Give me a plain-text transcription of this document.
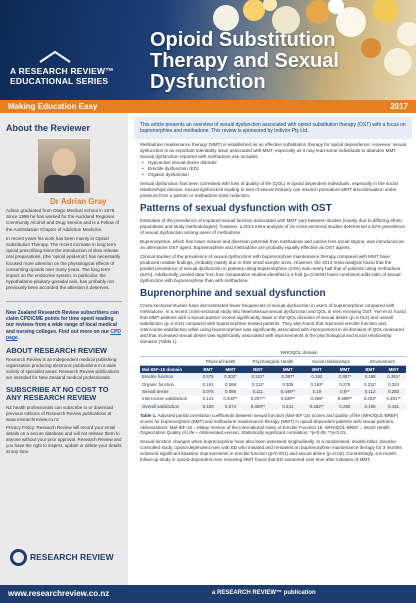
Opioid Substitution Therapy and Sexual Dysfunction
A RESEARCH REVIEW™
EDUCATIONAL SERIES
Making Education Easy	2017
About the Reviewer
Dr Adrian Gray
Adrian graduated from Otago Medical School in 1975. Since 1999 he has worked for the Auckland Regional Community Alcohol and Drug Service and is a Fellow of the Australasian Chapter of Addiction Medicine.
In recent years his work has been mainly in Opioid Substitution Therapy. The recent increase in long term opioid prescribing since the introduction of slow release oral preparations, (the 'opioid epidemic') has necessarily focused more attention on the physiological effects of consuming opioids over many years. The long term impact on the endocrine system, in particular, the hypothalamo-pituitary-gonadal axis, has probably not previously been accorded the attention it deserves.
New Zealand Research Review subscribers can claim CPD/CME points for time spent reading our reviews from a wide range of local medical and nursing colleges. Find out more on our CPD page.
ABOUT RESEARCH REVIEW
Research Review is an independent medical publishing organisation producing electronic publications in a wide variety of specialist areas. Research Review publications are intended for New Zealand medical professionals.
SUBSCRIBE AT NO COST TO ANY RESEARCH REVIEW
NZ health professionals can subscribe to or download previous editions of Research Review publications at www.researchreview.co.nz
Privacy Policy: Research Review will record your email details on a secure database and will not release them to anyone without your prior approval. Research Review and you have the right to inspect, update or delete your details at any time.
RESEARCH REVIEW
This article presents an overview of sexual dysfunction associated with opioid substitution therapy (OST) with a focus on buprenorphine and methadone. This review is sponsored by Indivior Pty Ltd.
Methadone maintenance therapy (MMT) is established as an effective substitution therapy for opioid dependence. However, sexual dysfunction is an important tolerability issue associated with MMT, especially as it may lead some individuals to abandon MMT. Sexual dysfunction reported with methadone use includes:
• Hypoactive sexual desire disorder.
• Erectile dysfunction (ED).
• Orgasm dysfunction.
Sexual dysfunction has been correlated with loss of quality of life (QOL) in opioid dependent individuals, especially in the social relationships domain. Sexual dysfunction leading to loss of sexual intimacy can result in premature MMT discontinuation under pressure from a partner or methadone dose reduction.
Patterns of sexual dysfunction with OST
Estimates of the prevalence of impaired sexual function associated with MMT vary between studies (mainly due to differing ethnic populations and study methodologies); however, a 2014 meta-analysis of 16 cross-sectional studies determined a 52% prevalence of sexual dysfunction among users of methadone.
Buprenorphine, which has lower misuse and diversion potential than methadone and carries less social stigma, was introduced as an alternative OST agent. Buprenorphine and methadone are probably equally effective as OST agents.
Clinical studies of the prevalence of sexual dysfunction with buprenorphine maintenance therapy compared with MMT have produced notable findings, probably mainly due to their small sample sizes. However, the 2014 meta-analysis found that the pooled prevalence of sexual dysfunction in patients using buprenorphine (24%) was nearly half that of patients using methadone (52%). Additionally, pooled data from four comparative studies identified a 4-fold (p=0.0046) lower combined odds ratio of sexual dysfunction with buprenorphine than with methadone.
Buprenorphine and sexual dysfunction
Cross-sectional studies have demonstrated fewer frequencies of sexual dysfunction in users of buprenorphine compared with methadone. In a recent cross-sectional study into heterosexual sexual dysfunction and QOL in men receiving OST, Yee et al. found that MMT patients with a sexual partner scored significantly lower in the QOL domains of sexual desire (p=0.012) and overall satisfaction (p=0.043) compared with buprenorphine-treated patients. They also found that improved erectile function and intercourse satisfaction while using buprenorphine was significantly associated with improvement in all domains of QOL measured and that increased sexual desire was significantly associated with improvements in the psychological and social relationship domains (Table 1).
WHOQOL domain
	Physical health		Psychological Health		Social relationships		Environment	
Mal-IIEF-15 domain	BMT	MMT	BMT	MMT	BMT	MMT	BMT	MMT
Erectile function	0.575	0.302*	0.222*	0.387*	0.182	0.387*	0.198	0.351*
Organic function	0.161	0.268	0.211*	0.305	0.193*	0.278	0.211*	0.324
Sexual desire	0.075	0.086	0.111	0.446**	0.19	0.5**	0.112	0.283
Intercourse satisfaction	0.141	0.433**	0.207**	0.538**	0.269*	0.598**	0.203*	0.451**
Overall satisfaction	0.160	0.274	0.309**	0.241	0.282**	0.292	0.196	0.151
Table 1. Adjusted partial correlation coefficients between sexual function (Mal-IEF-15) scores and quality of life (WHOQOL-BREF) scores for buprenorphine (BMT) and methadone maintenance therapy (MMT) in opioid-dependent patients with sexual partners. Abbreviations: Mal-IEF-15 = Malay Version of the International Index of Erectile Function 15; WHOQOL-BREF = World Health Organization Quality of Life – Abbreviated version. Statistically significant correlation: *p<0.05; **p<0.01.
Sexual function changes when buprenorphine have also been assessed longitudinally. In a randomised, double-blind, placebo-controlled study, opioid-dependent men with ED who initiated and remained on buprenorphine maintenance therapy for 3 months achieved significant baseline improvements in erectile function (p<0.001) and sexual desire (p=0.02). Contrastingly, a 6-month follow-up study in opioid-dependent men receiving MMT found that ED worsened over time after initiation of MMT.
www.researchreview.co.nz	a RESEARCH REVIEW™ publication
